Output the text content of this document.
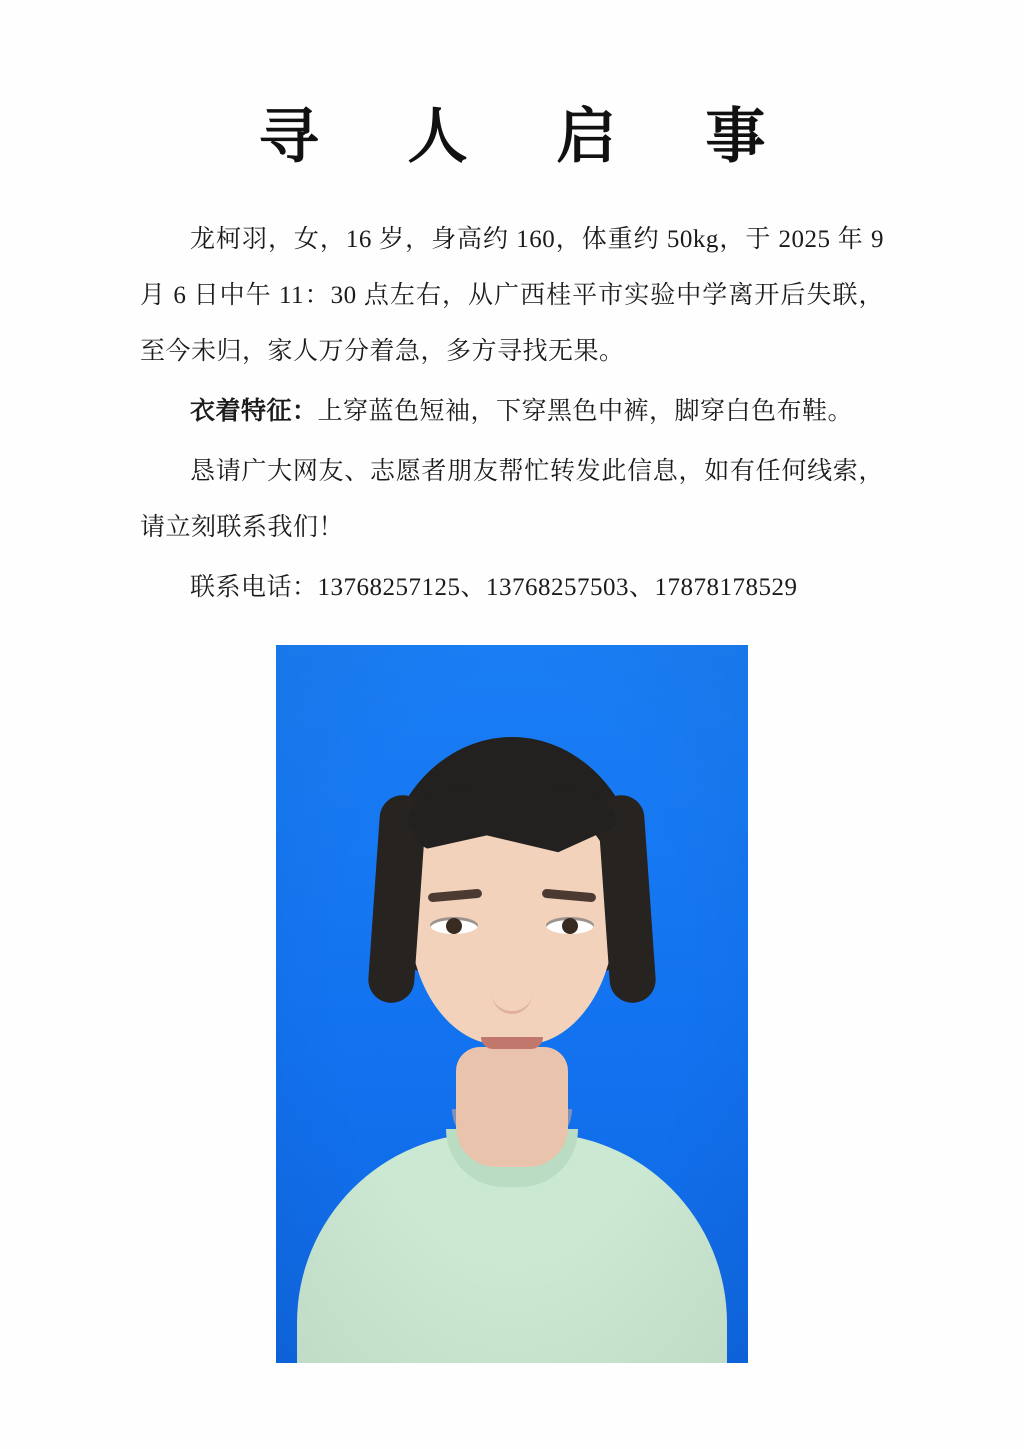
寻 人 启 事

龙柯羽，女，16 岁，身高约 160，体重约 50kg，于 2025 年 9 月 6 日中午 11：30 点左右，从广西桂平市实验中学离开后失联，至今未归，家人万分着急，多方寻找无果。

衣着特征：上穿蓝色短袖，下穿黑色中裤，脚穿白色布鞋。

恳请广大网友、志愿者朋友帮忙转发此信息，如有任何线索，请立刻联系我们！

联系电话：13768257125、13768257503、17878178529
